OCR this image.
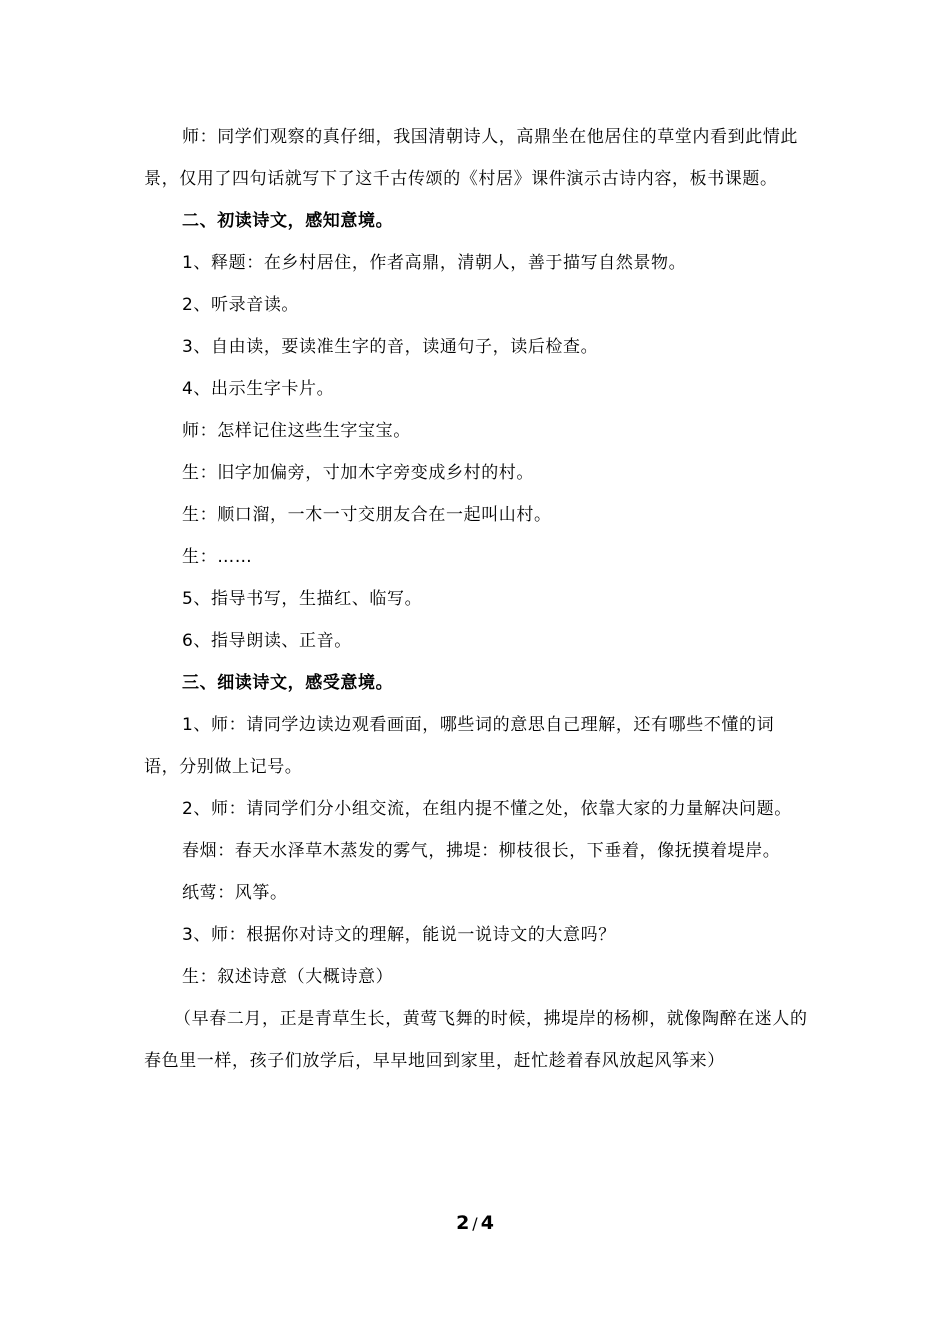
师：同学们观察的真仔细，我国清朝诗人，高鼎坐在他居住的草堂内看到此情此景，仅用了四句话就写下了这千古传颂的《村居》课件演示古诗内容，板书课题。

二、初读诗文，感知意境。

1、释题：在乡村居住，作者高鼎，清朝人，善于描写自然景物。

2、听录音读。

3、自由读，要读准生字的音，读通句子，读后检查。

4、出示生字卡片。

师：怎样记住这些生字宝宝。

生：旧字加偏旁，寸加木字旁变成乡村的村。

生：顺口溜，一木一寸交朋友合在一起叫山村。

生：……

5、指导书写，生描红、临写。

6、指导朗读、正音。

三、细读诗文，感受意境。

1、师：请同学边读边观看画面，哪些词的意思自己理解，还有哪些不懂的词语，分别做上记号。

2、师：请同学们分小组交流，在组内提不懂之处，依靠大家的力量解决问题。

春烟：春天水泽草木蒸发的雾气，拂堤：柳枝很长，下垂着，像抚摸着堤岸。

纸莺：风筝。

3、师：根据你对诗文的理解，能说一说诗文的大意吗？

生：叙述诗意（大概诗意）

（早春二月，正是青草生长，黄莺飞舞的时候，拂堤岸的杨柳，就像陶醉在迷人的春色里一样，孩子们放学后，早早地回到家里，赶忙趁着春风放起风筝来）

2 / 4
